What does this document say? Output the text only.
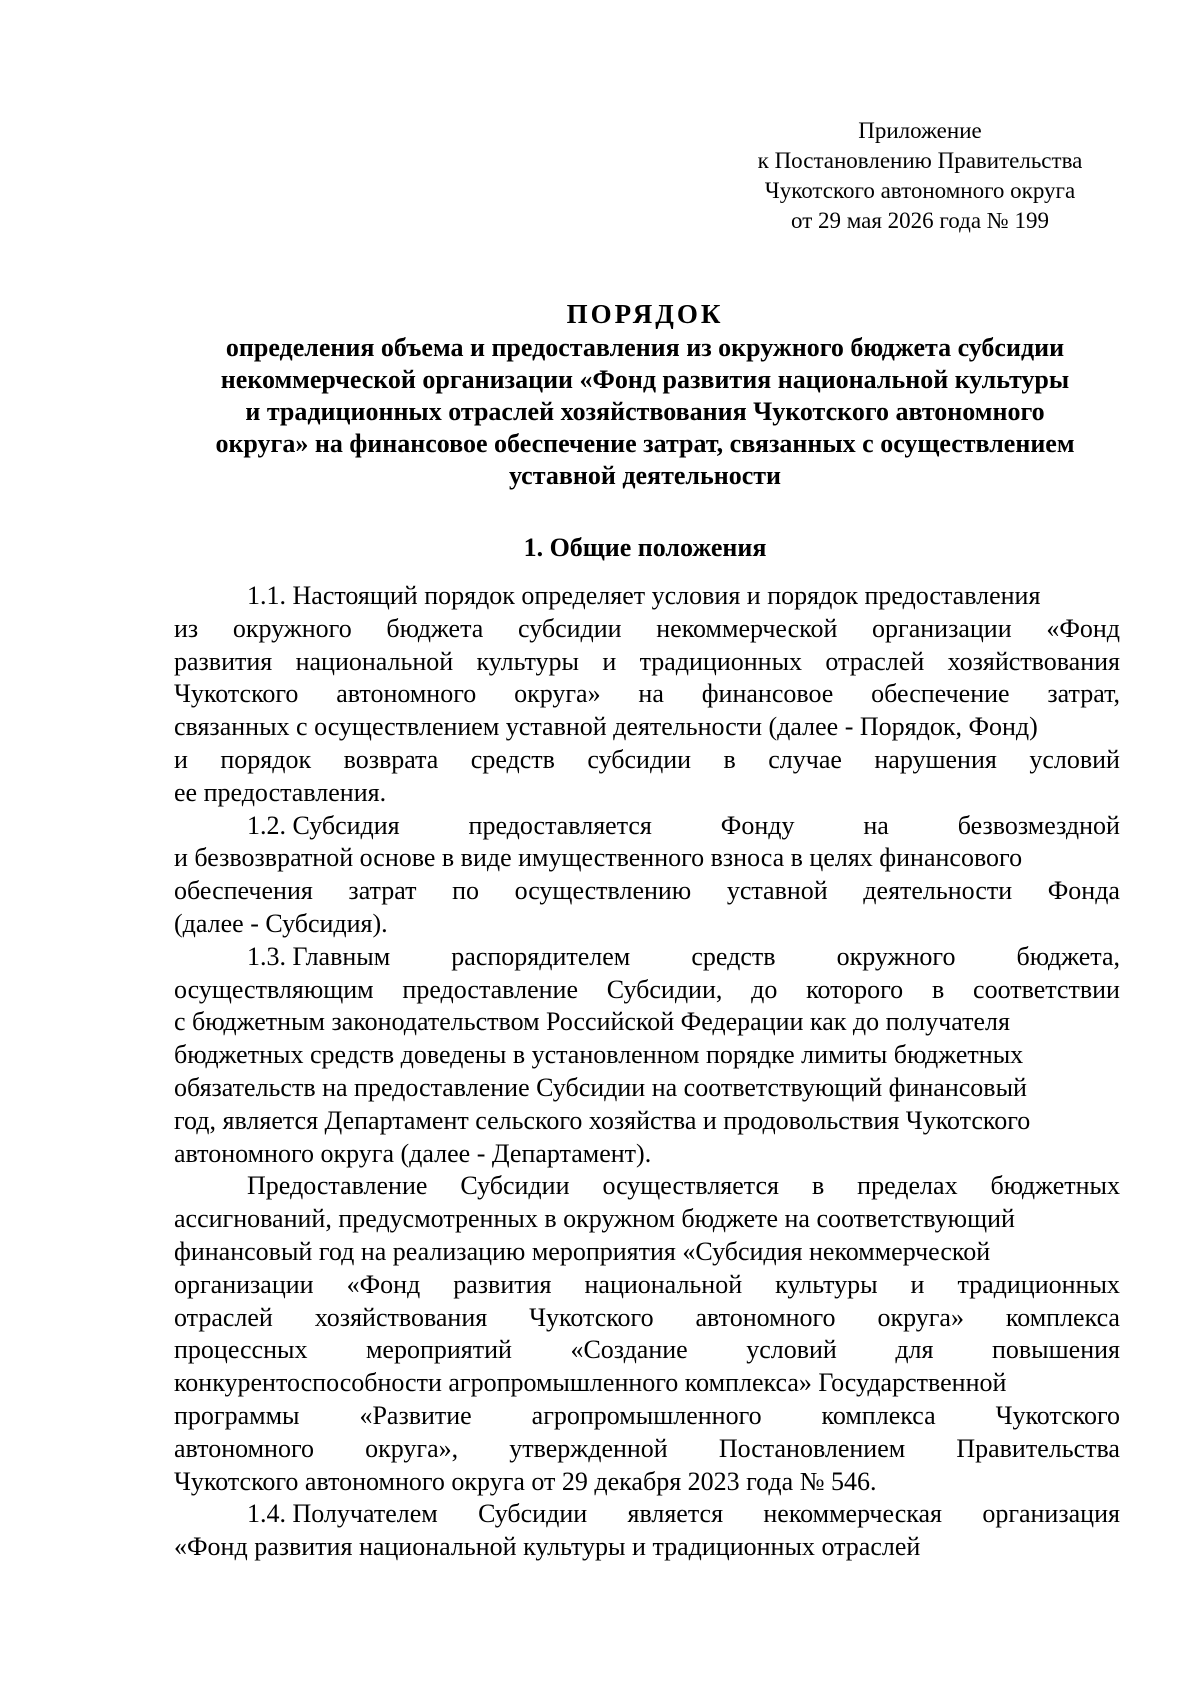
Приложение
к Постановлению Правительства
Чукотского автономного округа
от 29 мая 2026 года № 199
ПОРЯДОК
определения объема и предоставления из окружного бюджета субсидии
некоммерческой организации «Фонд развития национальной культуры
и традиционных отраслей хозяйствования Чукотского автономного
округа» на финансовое обеспечение затрат, связанных с осуществлением
уставной деятельности
1. Общие положения
1.1. Настоящий порядок определяет условия и порядок предоставления
из окружного бюджета субсидии некоммерческой организации «Фонд
развития национальной культуры и традиционных отраслей хозяйствования
Чукотского автономного округа» на финансовое обеспечение затрат,
связанных с осуществлением уставной деятельности (далее - Порядок, Фонд)
и порядок возврата средств субсидии в случае нарушения условий
ее предоставления.
1.2. Субсидия	предоставляется	Фонду	на	безвозмездной
и безвозвратной основе в виде имущественного взноса в целях финансового
обеспечения затрат по осуществлению уставной деятельности Фонда
(далее - Субсидия).
1.3. Главным распорядителем средств окружного бюджета,
осуществляющим предоставление Субсидии, до которого в соответствии
с бюджетным законодательством Российской Федерации как до получателя
бюджетных средств доведены в установленном порядке лимиты бюджетных
обязательств на предоставление Субсидии на соответствующий финансовый
год, является Департамент сельского хозяйства и продовольствия Чукотского
автономного округа (далее - Департамент).
Предоставление Субсидии осуществляется в пределах бюджетных
ассигнований, предусмотренных в окружном бюджете на соответствующий
финансовый год на реализацию мероприятия «Субсидия некоммерческой
организации «Фонд развития национальной культуры и традиционных
отраслей хозяйствования Чукотского автономного округа» комплекса
процессных мероприятий «Создание условий для повышения
конкурентоспособности агропромышленного комплекса» Государственной
программы «Развитие агропромышленного комплекса Чукотского
автономного округа», утвержденной Постановлением Правительства
Чукотского автономного округа от 29 декабря 2023 года № 546.
1.4. Получателем Субсидии является некоммерческая организация
«Фонд развития национальной культуры и традиционных отраслей
